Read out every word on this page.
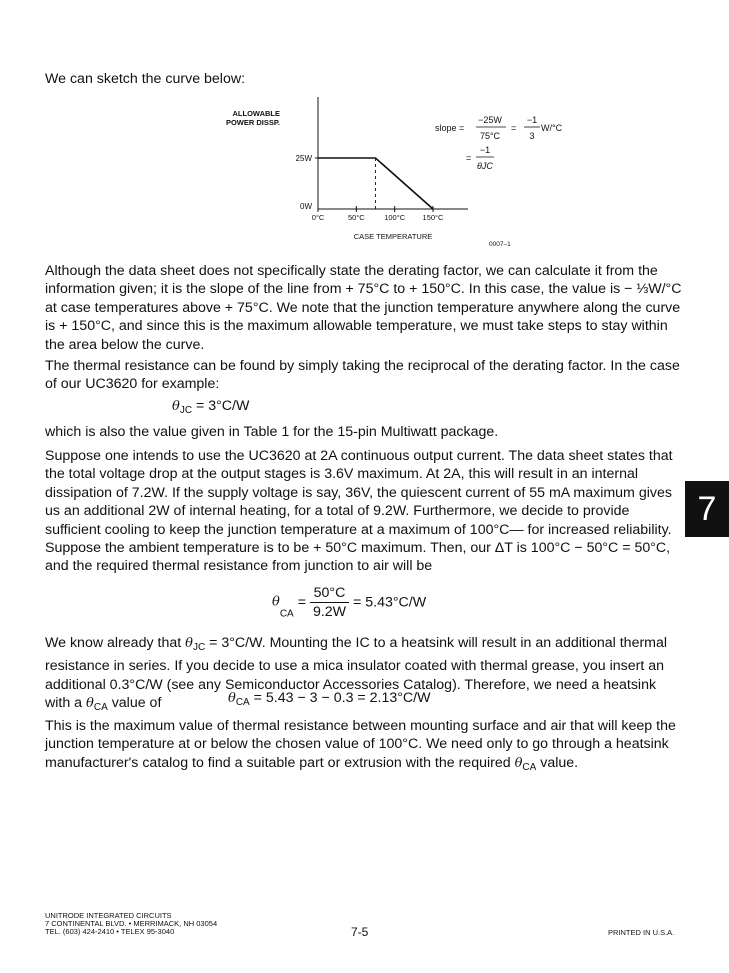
We can sketch the curve below:

ALLOWABLE
POWER DISSP.
25W
0W
0°C	50°C	100°C 150°C
CASE TEMPERATURE
0007–1
slope =
−25W
75°C
=
−1
3
W/°C
=
−1
θJC

Although the data sheet does not specifically state the derating factor, we can calculate it from the information given; it is the slope of the line from + 75°C to + 150°C. In this case, the value is − ⅓W/°C at case temperatures above + 75°C. We note that the junction temperature anywhere along the curve is + 150°C, and since this is the maximum allowable temperature, we must take steps to stay within the area below the curve.

The thermal resistance can be found by simply taking the reciprocal of the derating factor. In the case of our UC3620 for example:

$\theta_{JC} = 3^\circ C/W$

which is also the value given in Table 1 for the 15-pin Multiwatt package.

Suppose one intends to use the UC3620 at 2A continuous output current. The data sheet states that the total voltage drop at the output stages is 3.6V maximum. At 2A, this will result in an internal dissipation of 7.2W. If the supply voltage is say, 36V, the quiescent current of 55 mA maximum gives us an additional 2W of internal heating, for a total of 9.2W. Furthermore, we decide to provide sufficient cooling to keep the junction temperature at a maximum of 100°C— for increased reliability. Suppose the ambient temperature is to be + 50°C maximum. Then, our ΔT is 100°C − 50°C = 50°C, and the required thermal resistance from junction to air will be

$\theta_{CA} = \frac{50^\circ C}{9.2W} = 5.43^\circ C/W$

We know already that $\theta_{JC} = 3^\circ C/W$. Mounting the IC to a heatsink will result in an additional thermal resistance in series. If you decide to use a mica insulator coated with thermal grease, you insert an additional 0.3°C/W (see any Semiconductor Accessories Catalog). Therefore, we need a heatsink with a $\theta_{CA}$ value of	$\theta_{CA} = 5.43 - 3 - 0.3 = 2.13^\circ C/W$

This is the maximum value of thermal resistance between mounting surface and air that will keep the junction temperature at or below the chosen value of 100°C. We need only to go through a heatsink manufacturer's catalog to find a suitable part or extrusion with the required $\theta_{CA}$ value.

7
UNITRODE INTEGRATED CIRCUITS
7 CONTINENTAL BLVD. • MERRIMACK, NH 03054
TEL. (603) 424-2410 • TELEX 95-3040	7-5	PRINTED IN U.S.A.
